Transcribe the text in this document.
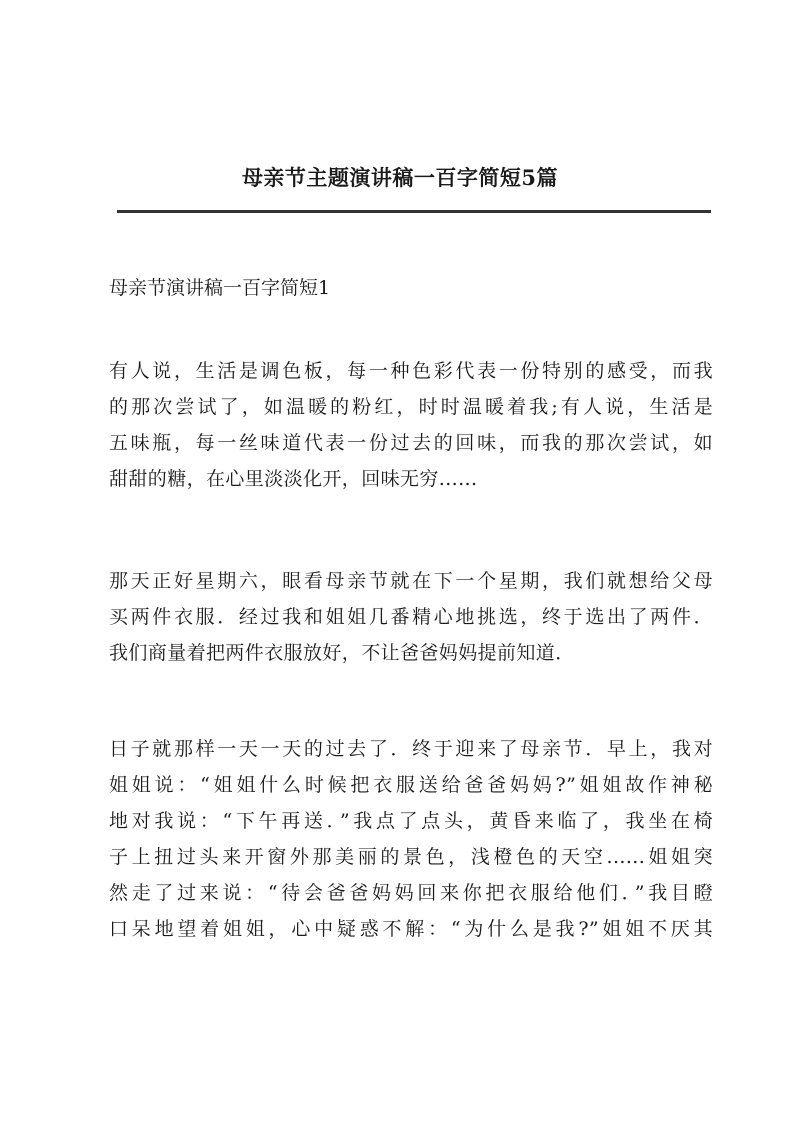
母亲节主题演讲稿一百字简短5篇
母亲节演讲稿一百字简短1
有人说，生活是调色板，每一种色彩代表一份特别的感受，而我
的那次尝试了，如温暖的粉红，时时温暖着我;有人说，生活是
五味瓶，每一丝味道代表一份过去的回味，而我的那次尝试，如
甜甜的糖，在心里淡淡化开，回味无穷......
那天正好星期六，眼看母亲节就在下一个星期，我们就想给父母
买两件衣服．经过我和姐姐几番精心地挑选，终于选出了两件．
我们商量着把两件衣服放好，不让爸爸妈妈提前知道．
日子就那样一天一天的过去了．终于迎来了母亲节．早上，我对
姐姐说：“姐姐什么时候把衣服送给爸爸妈妈?”姐姐故作神秘
地对我说：“下午再送．”我点了点头，黄昏来临了，我坐在椅
子上扭过头来开窗外那美丽的景色，浅橙色的天空......姐姐突
然走了过来说：“待会爸爸妈妈回来你把衣服给他们．”我目瞪
口呆地望着姐姐，心中疑惑不解：“为什么是我?”姐姐不厌其
